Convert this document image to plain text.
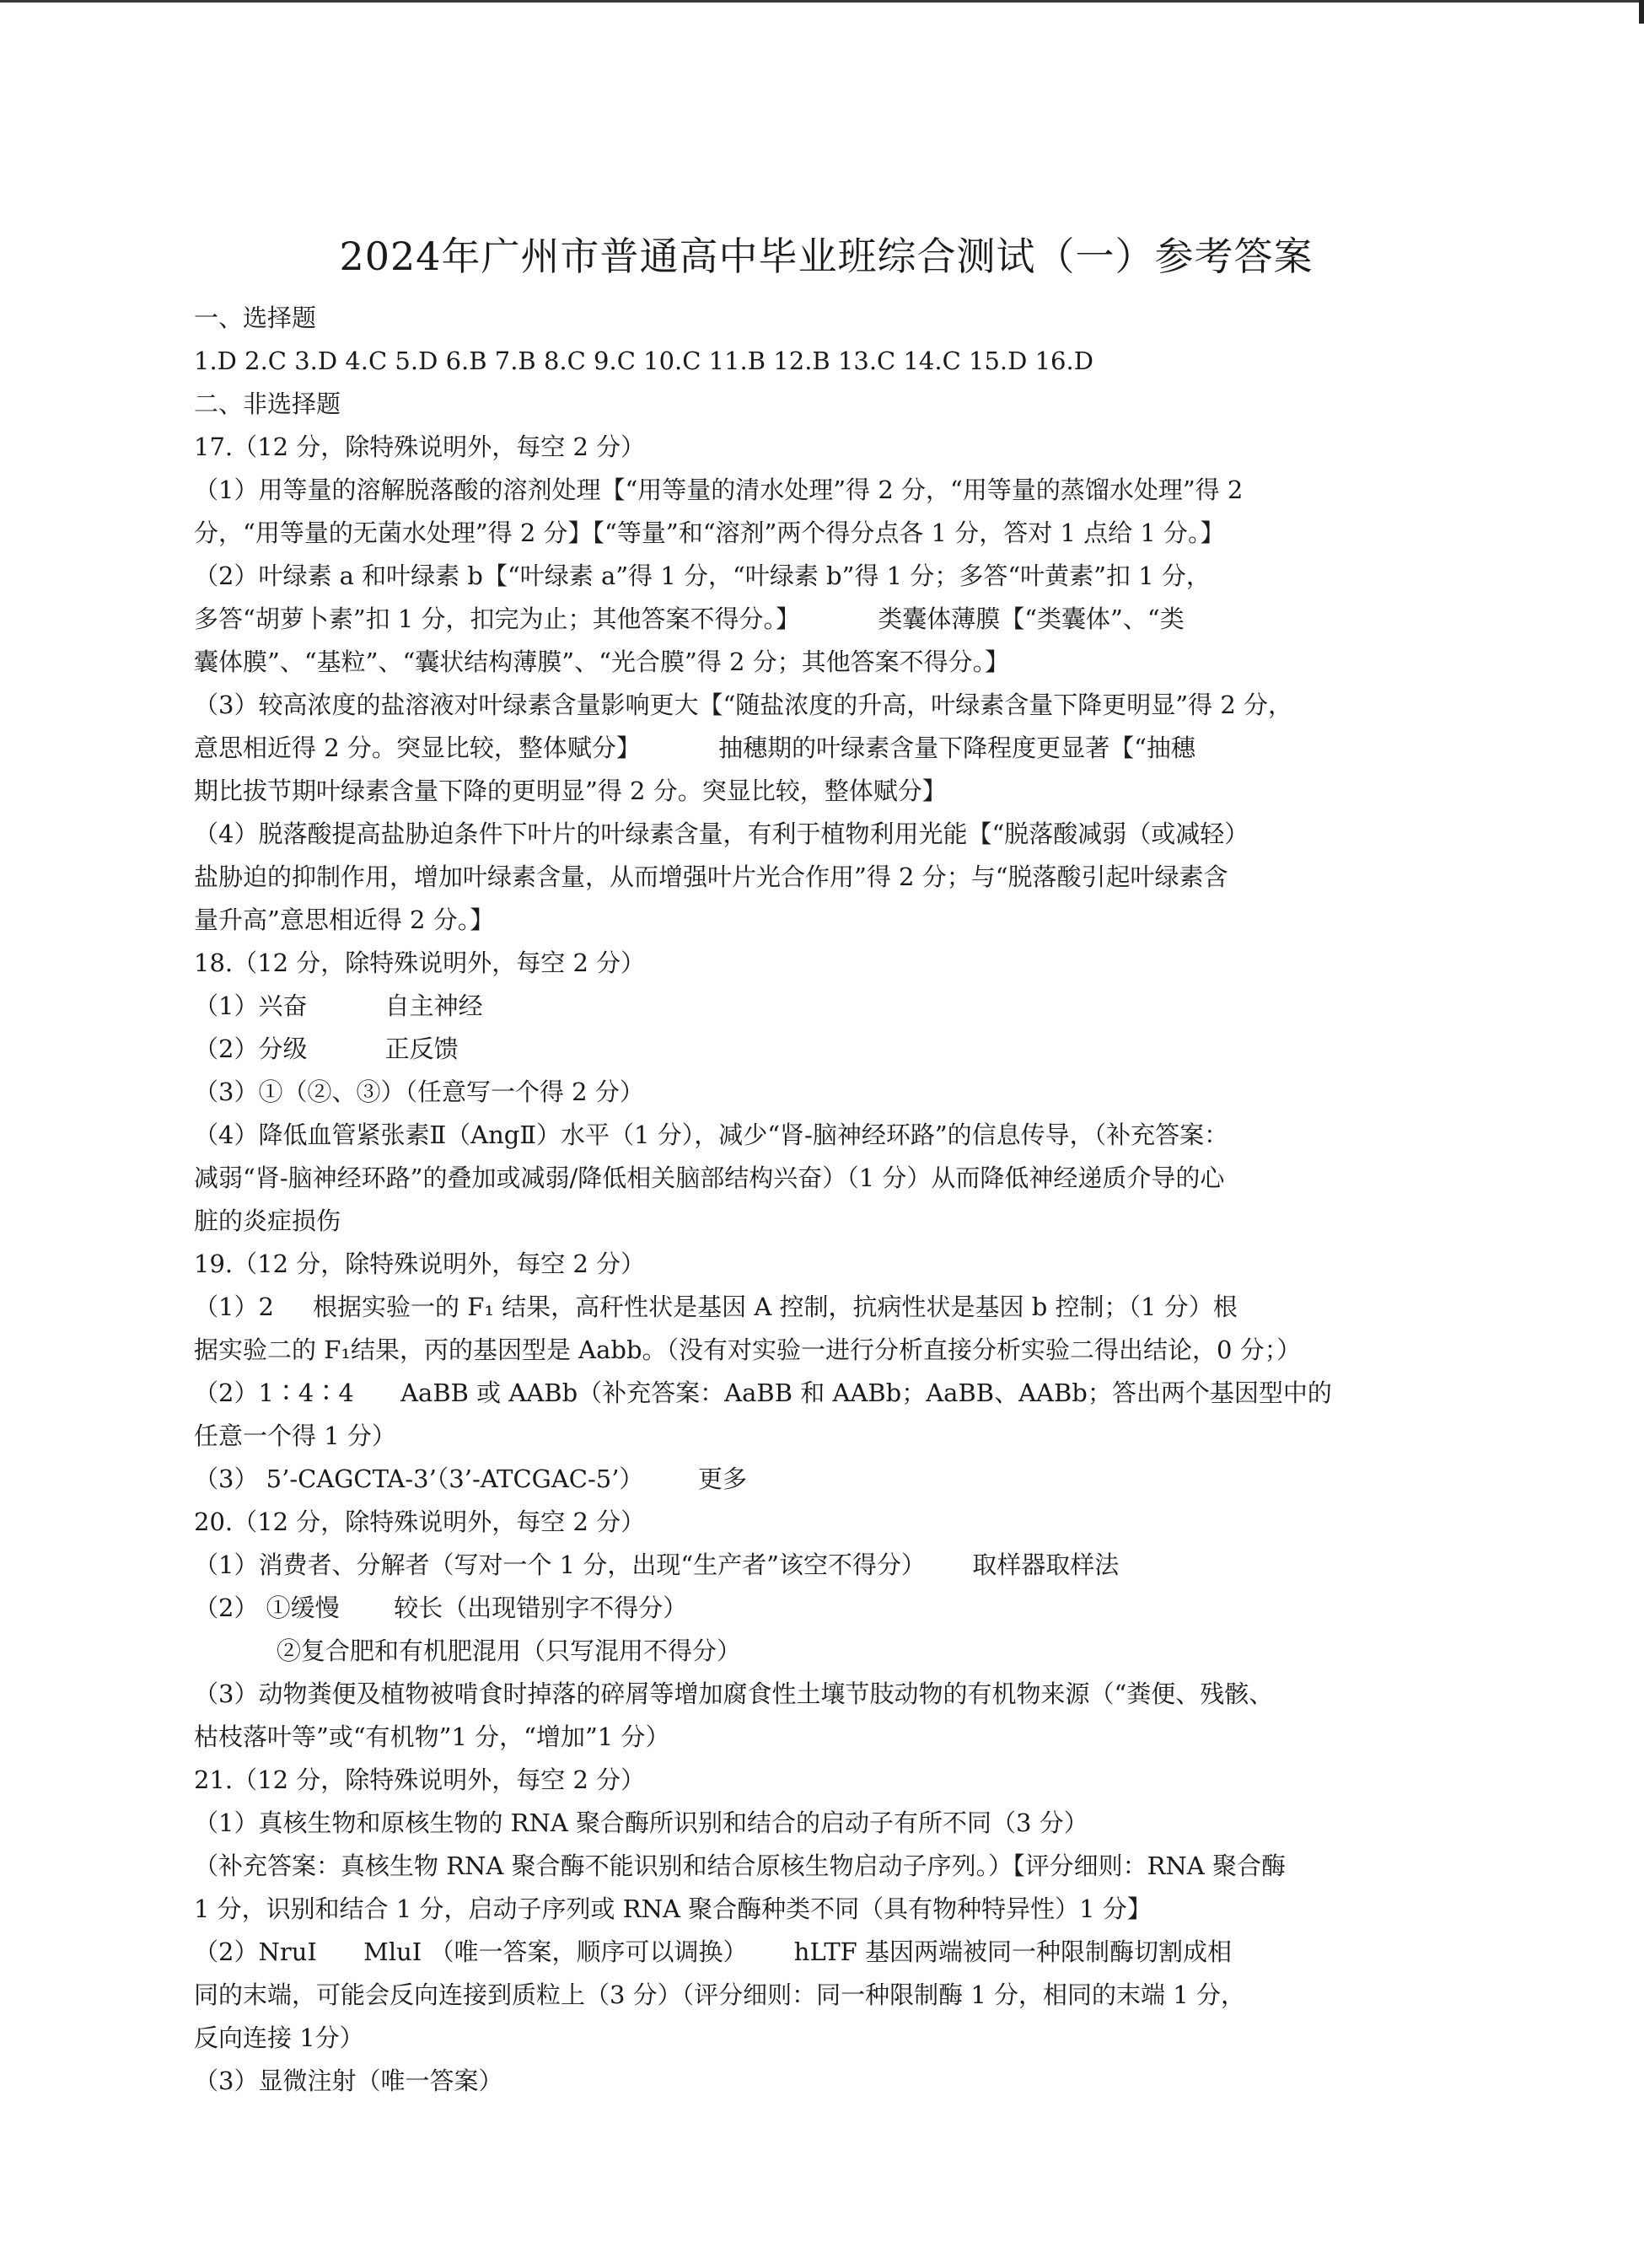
2024年广州市普通高中毕业班综合测试（一）参考答案

一、选择题

1.D 2.C 3.D 4.C 5.D 6.B 7.B 8.C 9.C 10.C 11.B 12.B 13.C 14.C 15.D 16.D

二、非选择题

17.（12 分，除特殊说明外，每空 2 分）

（1）用等量的溶解脱落酸的溶剂处理【“用等量的清水处理”得 2 分，“用等量的蒸馏水处理”得 2

分，“用等量的无菌水处理”得 2 分】【“等量”和“溶剂”两个得分点各 1 分，答对 1 点给 1 分。】

（2）叶绿素 a 和叶绿素 b【“叶绿素 a”得 1 分，“叶绿素 b”得 1 分；多答“叶黄素”扣 1 分，

多答“胡萝卜素”扣 1 分，扣完为止；其他答案不得分。】          类囊体薄膜【“类囊体”、“类

囊体膜”、“基粒”、“囊状结构薄膜”、“光合膜”得 2 分；其他答案不得分。】

（3）较高浓度的盐溶液对叶绿素含量影响更大【“随盐浓度的升高，叶绿素含量下降更明显”得 2 分，

意思相近得 2 分。突显比较，整体赋分】          抽穗期的叶绿素含量下降程度更显著【“抽穗

期比拔节期叶绿素含量下降的更明显”得 2 分。突显比较，整体赋分】

（4）脱落酸提高盐胁迫条件下叶片的叶绿素含量，有利于植物利用光能【“脱落酸减弱（或减轻）

盐胁迫的抑制作用，增加叶绿素含量，从而增强叶片光合作用”得 2 分；与“脱落酸引起叶绿素含

量升高”意思相近得 2 分。】

18.（12 分，除特殊说明外，每空 2 分）

（1）兴奋          自主神经

（2）分级          正反馈

（3）①（②、③）（任意写一个得 2 分）

（4）降低血管紧张素Ⅱ（AngⅡ）水平（1 分），减少“肾-脑神经环路”的信息传导，（补充答案：

减弱“肾-脑神经环路”的叠加或减弱/降低相关脑部结构兴奋）（1 分）从而降低神经递质介导的心

脏的炎症损伤

19.（12 分，除特殊说明外，每空 2 分）

（1）2     根据实验一的 F₁ 结果，高秆性状是基因 A 控制，抗病性状是基因 b 控制；（1 分）根

据实验二的 F₁结果，丙的基因型是 Aabb。（没有对实验一进行分析直接分析实验二得出结论，0 分；）

（2）1∶4∶4      AaBB 或 AABb（补充答案：AaBB 和 AABb；AaBB、AABb；答出两个基因型中的

任意一个得 1 分）

（3） 5’-CAGCTA-3’（3’-ATCGAC-5’）       更多

20.（12 分，除特殊说明外，每空 2 分）

（1）消费者、分解者（写对一个 1 分，出现“生产者”该空不得分）      取样器取样法

（2） ①缓慢       较长（出现错别字不得分）

②复合肥和有机肥混用（只写混用不得分）

（3）动物粪便及植物被啃食时掉落的碎屑等增加腐食性土壤节肢动物的有机物来源（“粪便、残骸、

枯枝落叶等”或“有机物”1 分，“增加”1 分）

21.（12 分，除特殊说明外，每空 2 分）

（1）真核生物和原核生物的 RNA 聚合酶所识别和结合的启动子有所不同（3 分）

（补充答案：真核生物 RNA 聚合酶不能识别和结合原核生物启动子序列。）【评分细则：RNA 聚合酶

1 分，识别和结合 1 分，启动子序列或 RNA 聚合酶种类不同（具有物种特异性）1 分】

（2）NruI      MluI （唯一答案，顺序可以调换）      hLTF 基因两端被同一种限制酶切割成相

同的末端，可能会反向连接到质粒上（3 分）（评分细则：同一种限制酶 1 分，相同的末端 1 分，

反向连接 1分）

（3）显微注射（唯一答案）
